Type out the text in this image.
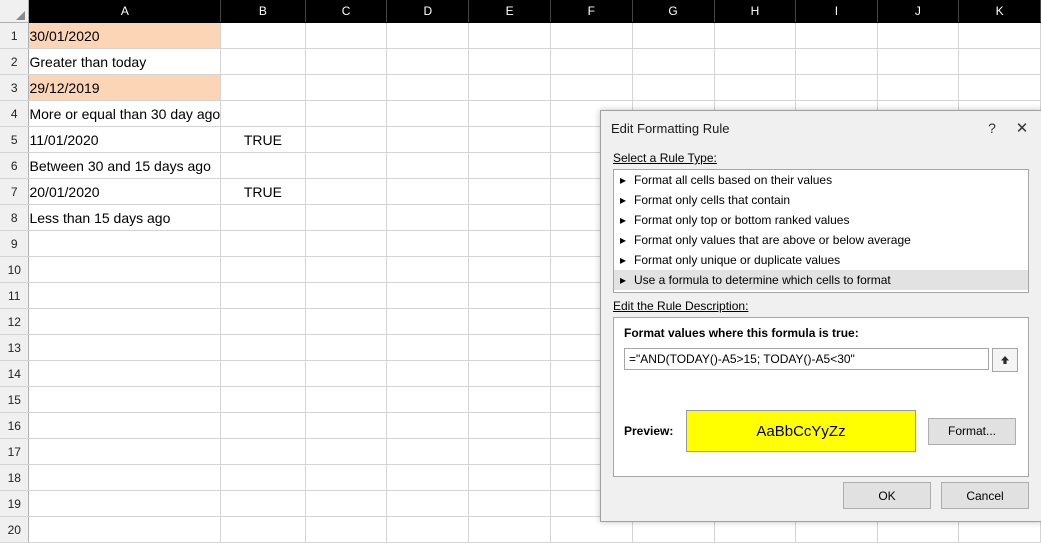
	A	B	C	D	E	F	G	H	I	J	K
1	30/01/2020										
2	Greater than today										
3	29/12/2019										
4	More or equal than 30 day ago										
5	11/01/2020	TRUE									
6	Between 30 and 15 days ago										
7	20/01/2020	TRUE									
8	Less than 15 days ago										
9											
10											
11											
12											
13											
14											
15											
16											
17											
18											
19											
20											
Edit Formatting Rule	?	✕
Select a Rule Type:
▸ Format all cells based on their values
▸ Format only cells that contain
▸ Format only top or bottom ranked values
▸ Format only values that are above or below average
▸ Format only unique or duplicate values
▸ Use a formula to determine which cells to format
Edit the Rule Description:
Format values where this formula is true:
="AND(TODAY()-A5>15; TODAY()-A5<30"
Preview:	AaBbCcYyZz	Format...
OK	Cancel
